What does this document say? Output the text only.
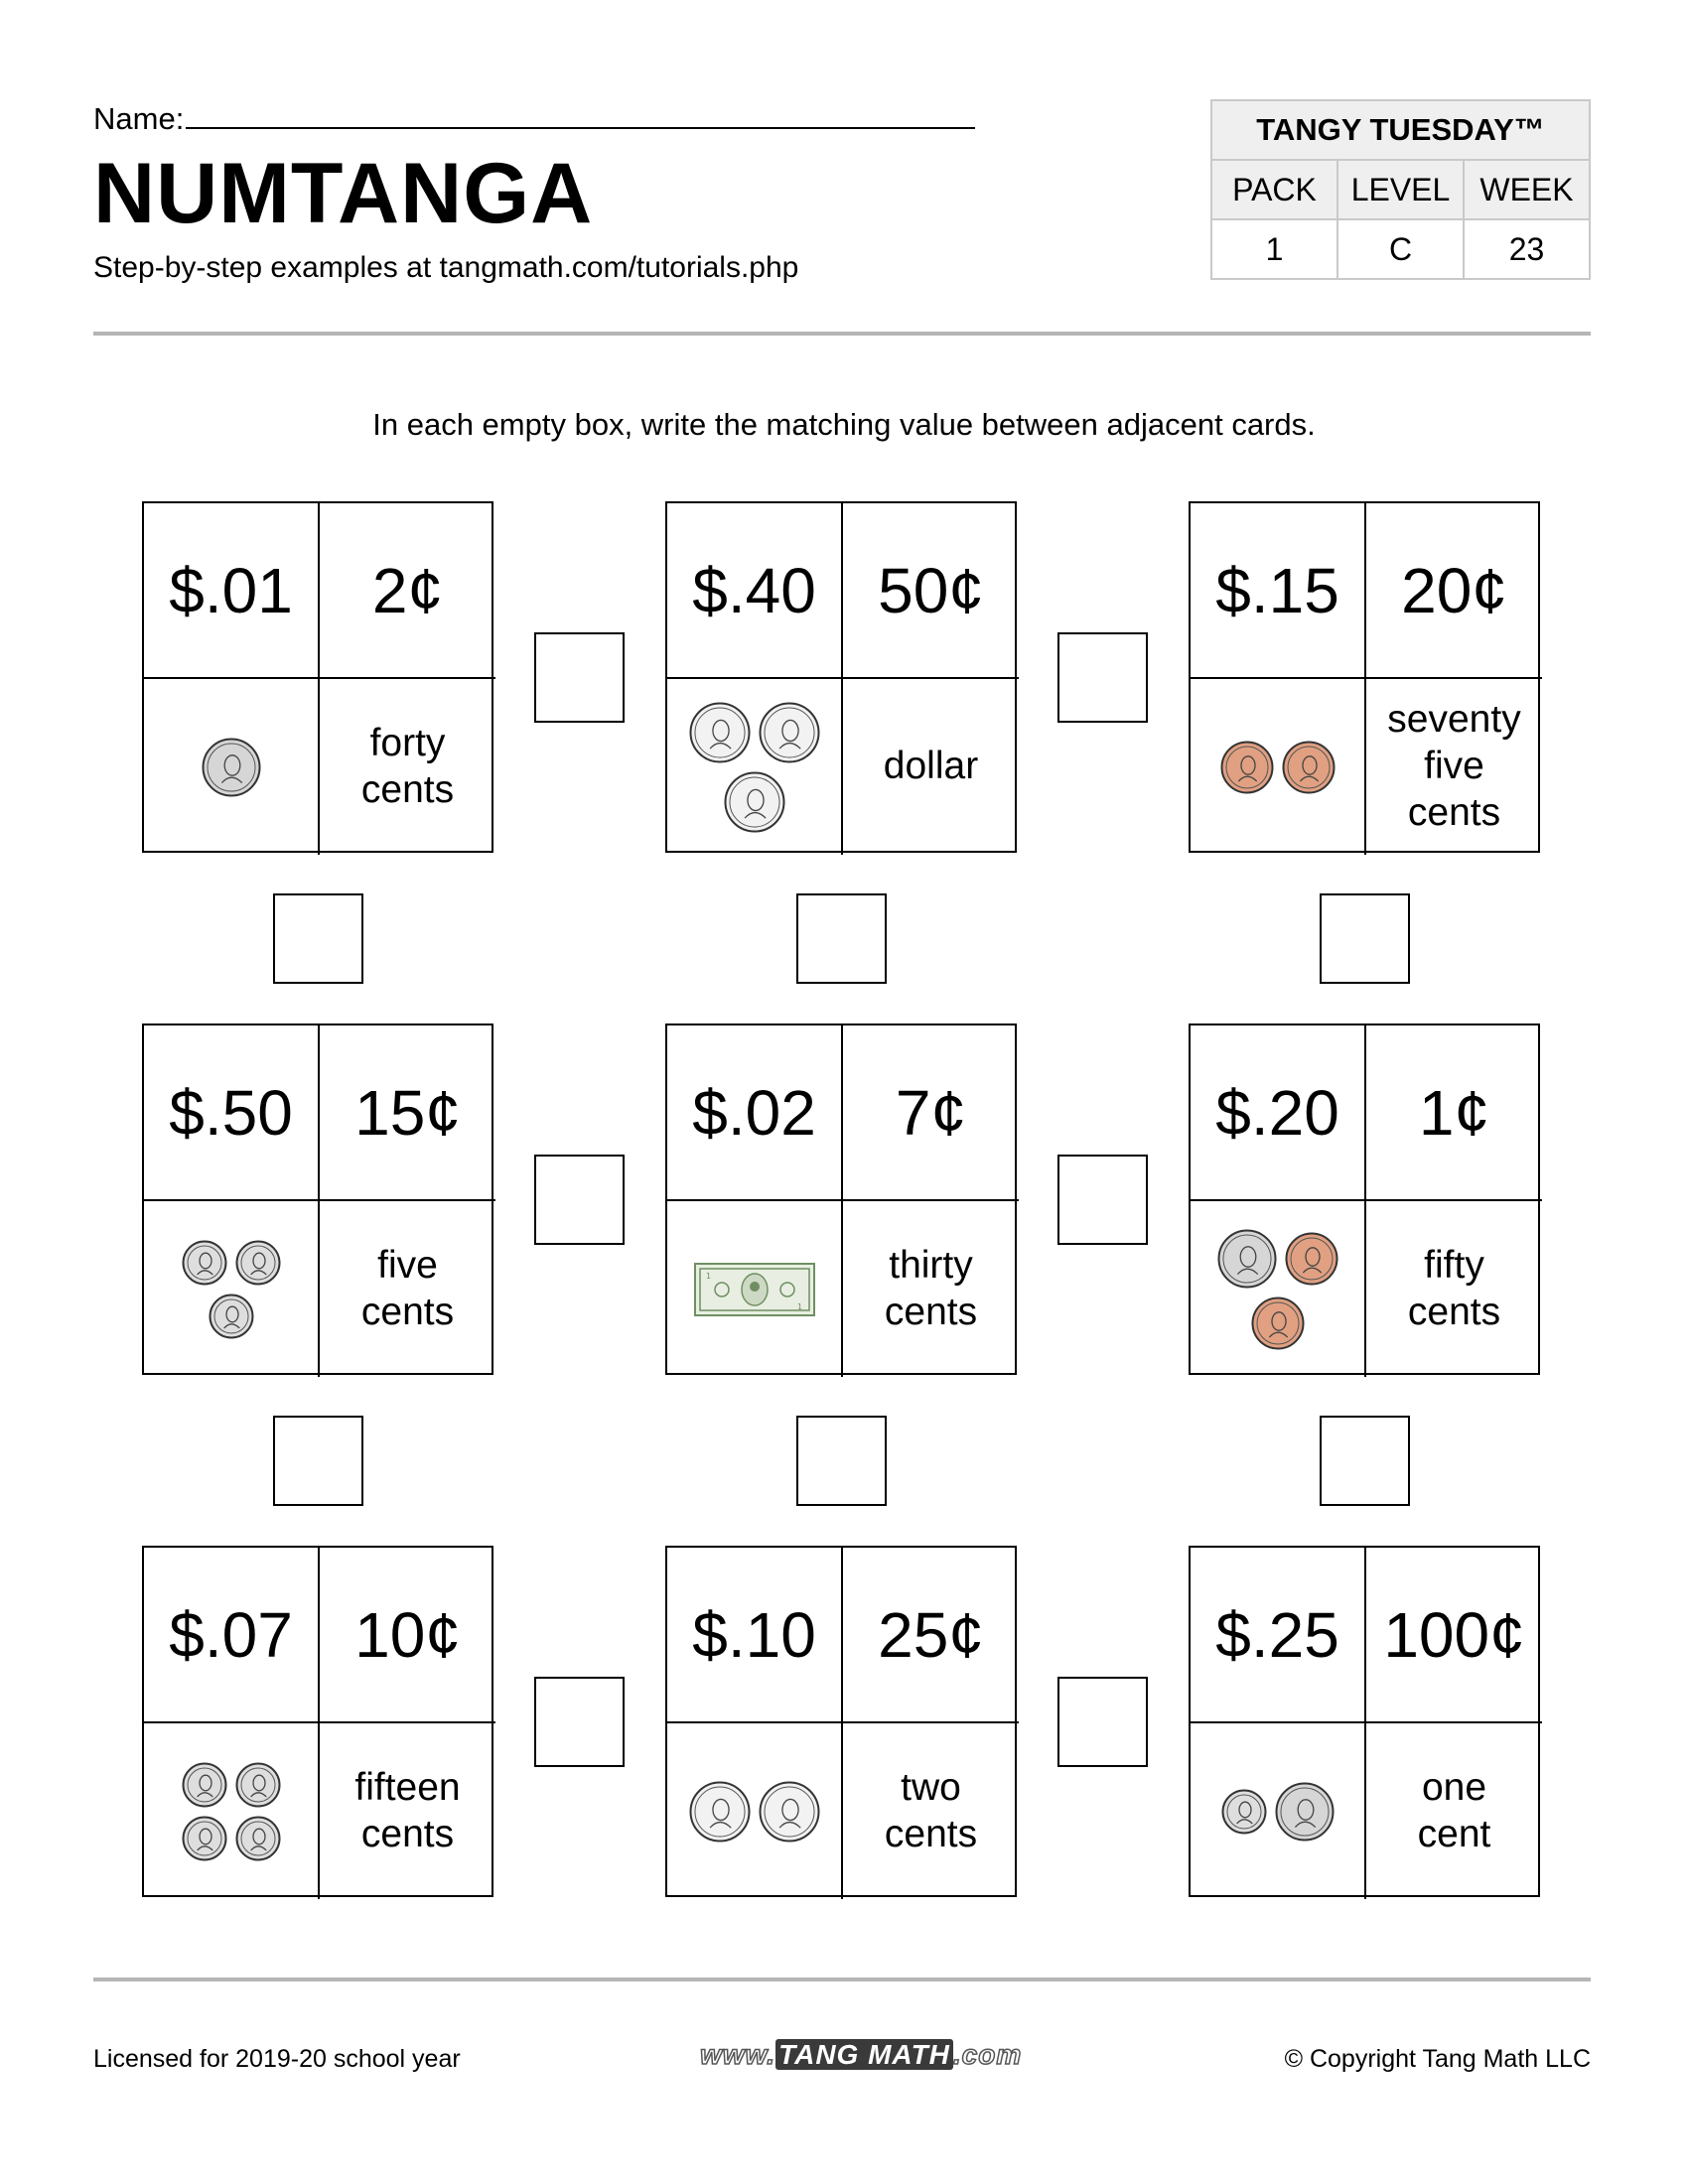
Name:
NUMTANGA
Step-by-step examples at tangmath.com/tutorials.php
TANGY TUESDAY™		
PACK	LEVEL	WEEK
1	C	23
In each empty box, write the matching value between adjacent cards.
$.01	2¢
forty
cents
$.40 50¢
dollar
$.15 20¢
seventy
five
cents
$.50 15¢
five
cents
$.02	7¢
1
1
thirty
cents
$.20	1¢
fifty
cents
$.07 10¢
fifteen
cents
$.10 25¢
two
cents
$.25 100¢
one
cent
Licensed for 2019-20 school year	www. TANG MATH .com	© Copyright Tang Math LLC
